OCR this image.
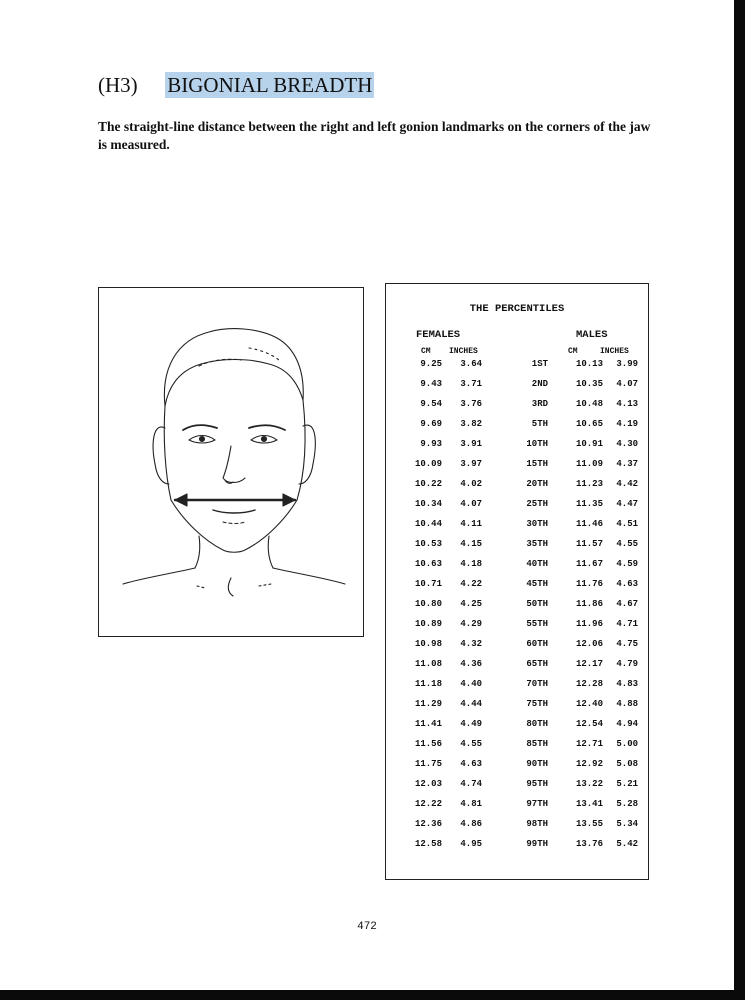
(H3) BIGONIAL BREADTH
The straight-line distance between the right and left gonion landmarks on the corners of the jaw is measured.
THE PERCENTILES
FEMALES	MALES
CM INCHES	CM	INCHES
9.25	3.64	1ST	10.13	3.99
9.43	3.71	2ND	10.35	4.07
9.54	3.76	3RD	10.48	4.13
9.69	3.82	5TH	10.65	4.19
9.93	3.91	10TH	10.91	4.30
10.09	3.97	15TH	11.09	4.37
10.22	4.02	20TH	11.23	4.42
10.34	4.07	25TH	11.35	4.47
10.44	4.11	30TH	11.46	4.51
10.53	4.15	35TH	11.57	4.55
10.63	4.18	40TH	11.67	4.59
10.71	4.22	45TH	11.76	4.63
10.80	4.25	50TH	11.86	4.67
10.89	4.29	55TH	11.96	4.71
10.98	4.32	60TH	12.06	4.75
11.08	4.36	65TH	12.17	4.79
11.18	4.40	70TH	12.28	4.83
11.29	4.44	75TH	12.40	4.88
11.41	4.49	80TH	12.54	4.94
11.56	4.55	85TH	12.71	5.00
11.75	4.63	90TH	12.92	5.08
12.03	4.74	95TH	13.22	5.21
12.22	4.81	97TH	13.41	5.28
12.36	4.86	98TH	13.55	5.34
12.58	4.95	99TH	13.76	5.42
472
